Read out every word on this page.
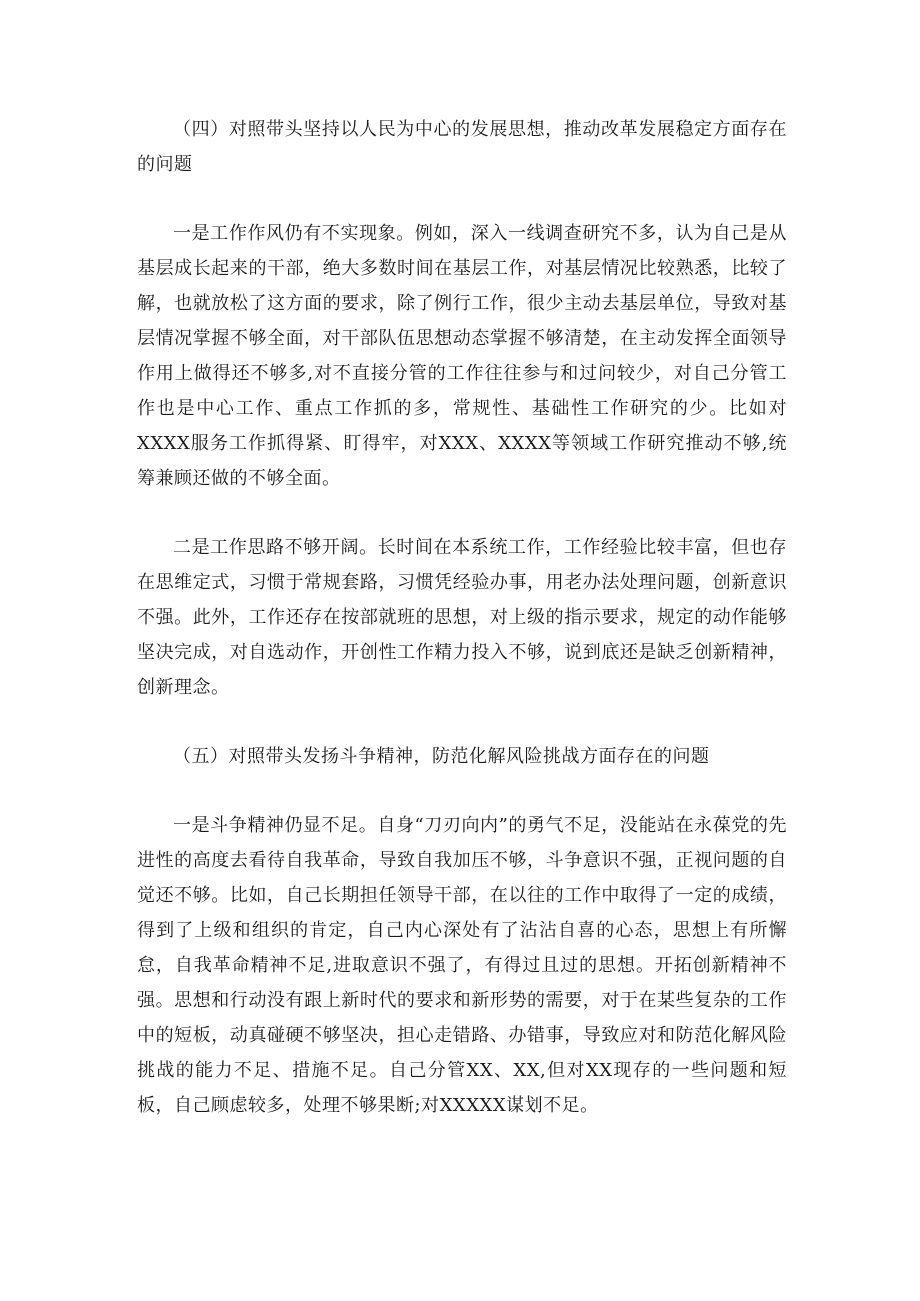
（四）对照带头坚持以人民为中心的发展思想，推动改革发展稳定方面存在的问题

一是工作作风仍有不实现象。例如，深入一线调查研究不多，认为自己是从基层成长起来的干部，绝大多数时间在基层工作，对基层情况比较熟悉，比较了解，也就放松了这方面的要求，除了例行工作，很少主动去基层单位，导致对基层情况掌握不够全面，对干部队伍思想动态掌握不够清楚，在主动发挥全面领导作用上做得还不够多,对不直接分管的工作往往参与和过问较少，对自己分管工作也是中心工作、重点工作抓的多，常规性、基础性工作研究的少。比如对XXXX服务工作抓得紧、盯得牢，对XXX、XXXX等领域工作研究推动不够,统筹兼顾还做的不够全面。

二是工作思路不够开阔。长时间在本系统工作，工作经验比较丰富，但也存在思维定式，习惯于常规套路，习惯凭经验办事，用老办法处理问题，创新意识不强。此外，工作还存在按部就班的思想，对上级的指示要求，规定的动作能够坚决完成，对自选动作，开创性工作精力投入不够，说到底还是缺乏创新精神，创新理念。

（五）对照带头发扬斗争精神，防范化解风险挑战方面存在的问题

一是斗争精神仍显不足。自身“刀刃向内”的勇气不足，没能站在永葆党的先进性的高度去看待自我革命，导致自我加压不够，斗争意识不强，正视问题的自觉还不够。比如，自己长期担任领导干部，在以往的工作中取得了一定的成绩，得到了上级和组织的肯定，自己内心深处有了沾沾自喜的心态，思想上有所懈怠，自我革命精神不足,进取意识不强了，有得过且过的思想。开拓创新精神不强。思想和行动没有跟上新时代的要求和新形势的需要，对于在某些复杂的工作中的短板，动真碰硬不够坚决，担心走错路、办错事，导致应对和防范化解风险挑战的能力不足、措施不足。自己分管XX、XX,但对XX现存的一些问题和短板，自己顾虑较多，处理不够果断;对XXXXX谋划不足。
